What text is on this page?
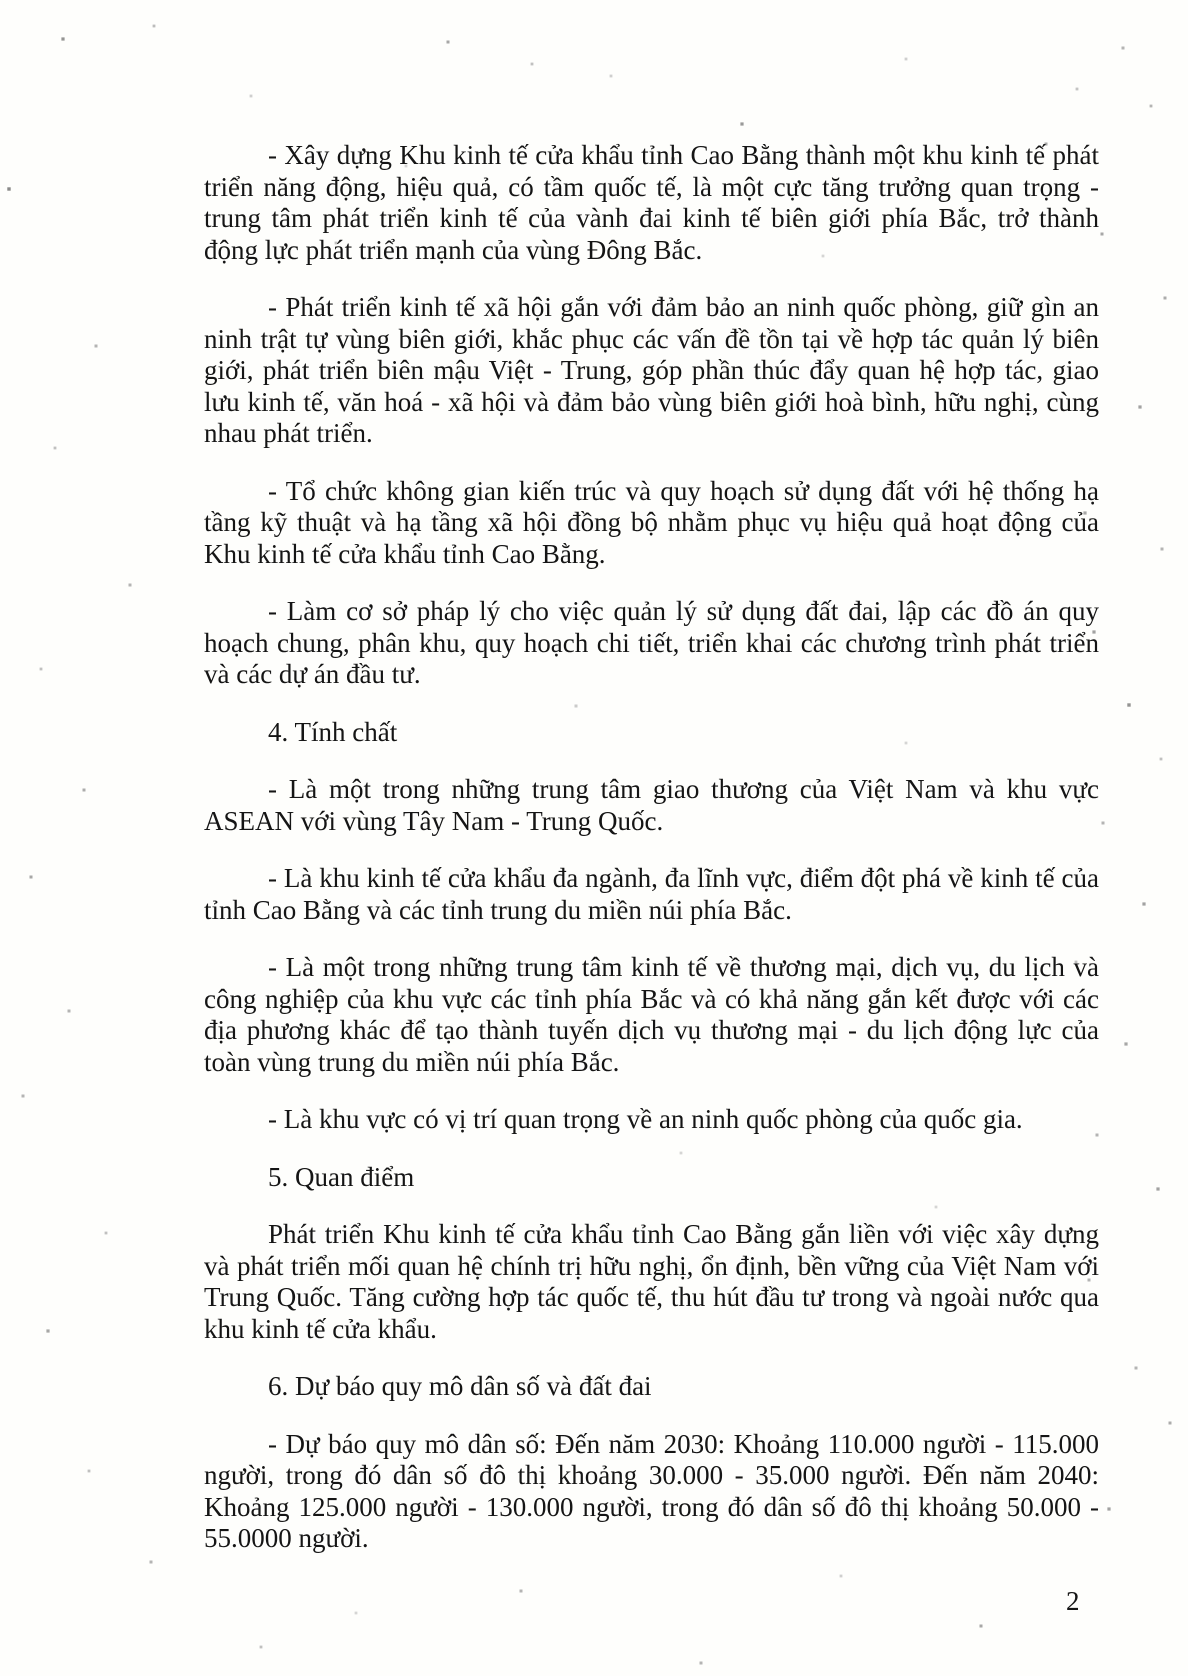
- Xây dựng Khu kinh tế cửa khẩu tỉnh Cao Bằng thành một khu kinh tế phát triển năng động, hiệu quả, có tầm quốc tế, là một cực tăng trưởng quan trọng - trung tâm phát triển kinh tế của vành đai kinh tế biên giới phía Bắc, trở thành động lực phát triển mạnh của vùng Đông Bắc.

- Phát triển kinh tế xã hội gắn với đảm bảo an ninh quốc phòng, giữ gìn an ninh trật tự vùng biên giới, khắc phục các vấn đề tồn tại về hợp tác quản lý biên giới, phát triển biên mậu Việt - Trung, góp phần thúc đẩy quan hệ hợp tác, giao lưu kinh tế, văn hoá - xã hội và đảm bảo vùng biên giới hoà bình, hữu nghị, cùng nhau phát triển.

- Tổ chức không gian kiến trúc và quy hoạch sử dụng đất với hệ thống hạ tầng kỹ thuật và hạ tầng xã hội đồng bộ nhằm phục vụ hiệu quả hoạt động của Khu kinh tế cửa khẩu tỉnh Cao Bằng.

- Làm cơ sở pháp lý cho việc quản lý sử dụng đất đai, lập các đồ án quy hoạch chung, phân khu, quy hoạch chi tiết, triển khai các chương trình phát triển và các dự án đầu tư.

4. Tính chất

- Là một trong những trung tâm giao thương của Việt Nam và khu vực ASEAN với vùng Tây Nam - Trung Quốc.

- Là khu kinh tế cửa khẩu đa ngành, đa lĩnh vực, điểm đột phá về kinh tế của tỉnh Cao Bằng và các tỉnh trung du miền núi phía Bắc.

- Là một trong những trung tâm kinh tế về thương mại, dịch vụ, du lịch và công nghiệp của khu vực các tỉnh phía Bắc và có khả năng gắn kết được với các địa phương khác để tạo thành tuyến dịch vụ thương mại - du lịch động lực của toàn vùng trung du miền núi phía Bắc.

- Là khu vực có vị trí quan trọng về an ninh quốc phòng của quốc gia.

5. Quan điểm

Phát triển Khu kinh tế cửa khẩu tỉnh Cao Bằng gắn liền với việc xây dựng và phát triển mối quan hệ chính trị hữu nghị, ổn định, bền vững của Việt Nam với Trung Quốc. Tăng cường hợp tác quốc tế, thu hút đầu tư trong và ngoài nước qua khu kinh tế cửa khẩu.

6. Dự báo quy mô dân số và đất đai

- Dự báo quy mô dân số: Đến năm 2030: Khoảng 110.000 người - 115.000 người, trong đó dân số đô thị khoảng 30.000 - 35.000 người. Đến năm 2040: Khoảng 125.000 người - 130.000 người, trong đó dân số đô thị khoảng 50.000 - 55.0000 người.

2
